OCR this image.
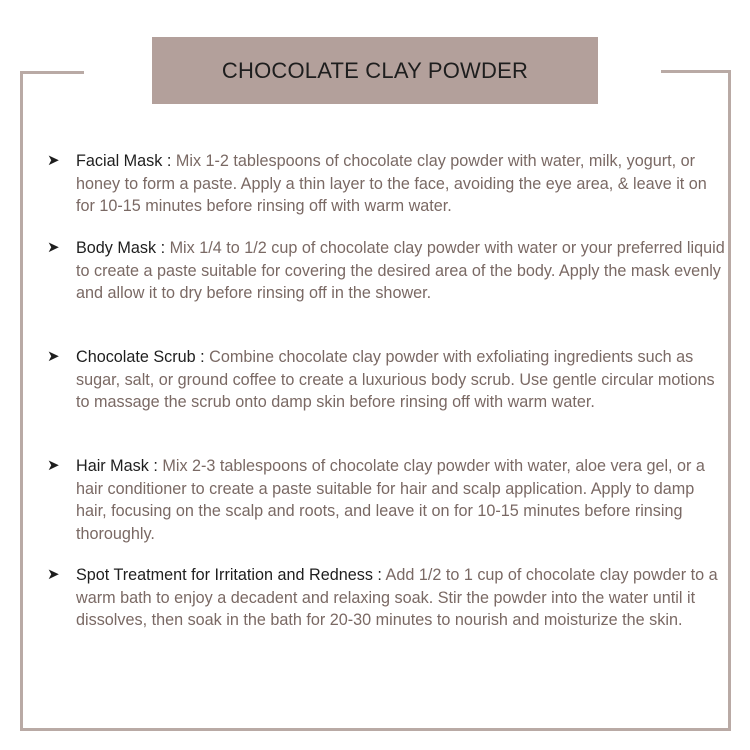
CHOCOLATE CLAY POWDER
➤ Facial Mask : Mix 1-2 tablespoons of chocolate clay powder with water, milk, yogurt, or honey to form a paste. Apply a thin layer to the face, avoiding the eye area, & leave it on for 10-15 minutes before rinsing off with warm water.
➤ Body Mask : Mix 1/4 to 1/2 cup of chocolate clay powder with water or your preferred liquid to create a paste suitable for covering the desired area of the body. Apply the mask evenly and allow it to dry before rinsing off in the shower.
➤ Chocolate Scrub : Combine chocolate clay powder with exfoliating ingredients such as sugar, salt, or ground coffee to create a luxurious body scrub. Use gentle circular motions to massage the scrub onto damp skin before rinsing off with warm water.
➤ Hair Mask : Mix 2-3 tablespoons of chocolate clay powder with water, aloe vera gel, or a hair conditioner to create a paste suitable for hair and scalp application. Apply to damp hair, focusing on the scalp and roots, and leave it on for 10-15 minutes before rinsing thoroughly.
➤ Spot Treatment for Irritation and Redness : Add 1/2 to 1 cup of chocolate clay powder to a warm bath to enjoy a decadent and relaxing soak. Stir the powder into the water until it dissolves, then soak in the bath for 20-30 minutes to nourish and moisturize the skin.
